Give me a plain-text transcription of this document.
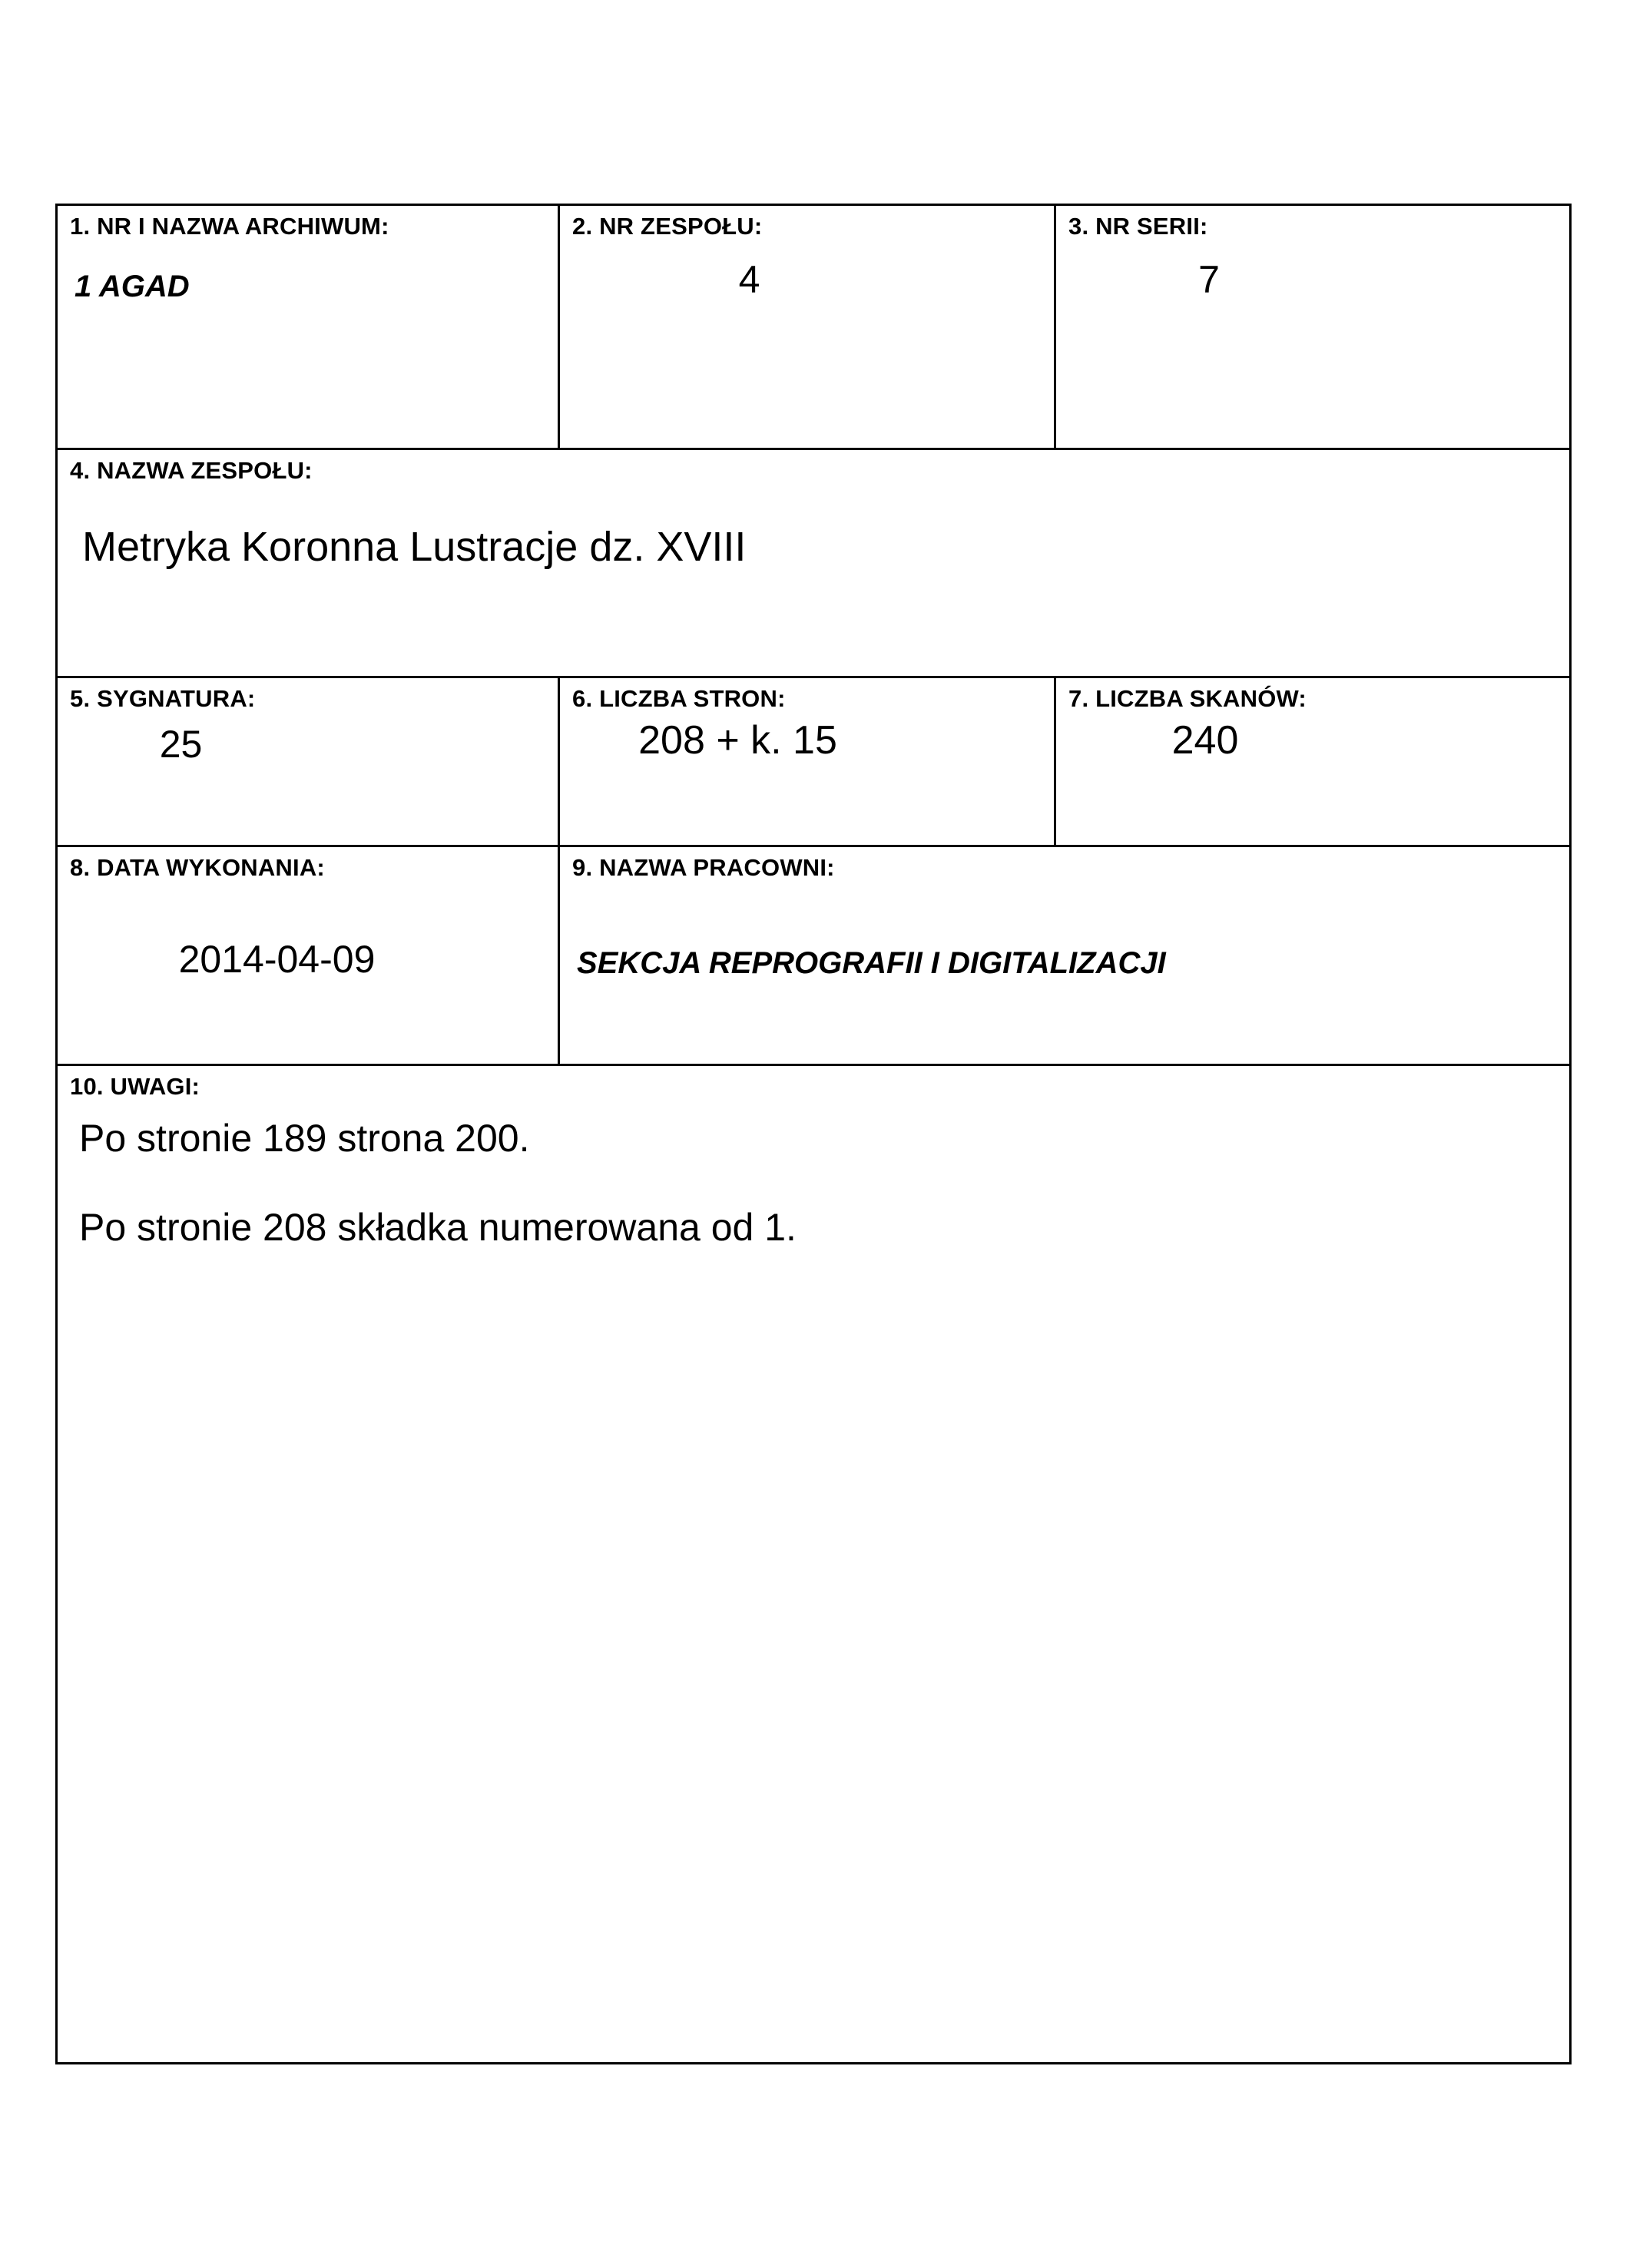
1. NR I NAZWA ARCHIWUM:
1 AGAD

2. NR ZESPOŁU:
4

3. NR SERII:
7

4. NAZWA ZESPOŁU:
Metryka Koronna Lustracje dz. XVIII		

5. SYGNATURA:
25

6. LICZBA STRON:
208 + k. 15

7. LICZBA SKANÓW:
240

8. DATA WYKONANIA:
2014-04-09

9. NAZWA PRACOWNI:
SEKCJA REPROGRAFII I DIGITALIZACJI

10. UWAGI:
Po stronie 189 strona 200.
Po stronie 208 składka numerowana od 1.		
